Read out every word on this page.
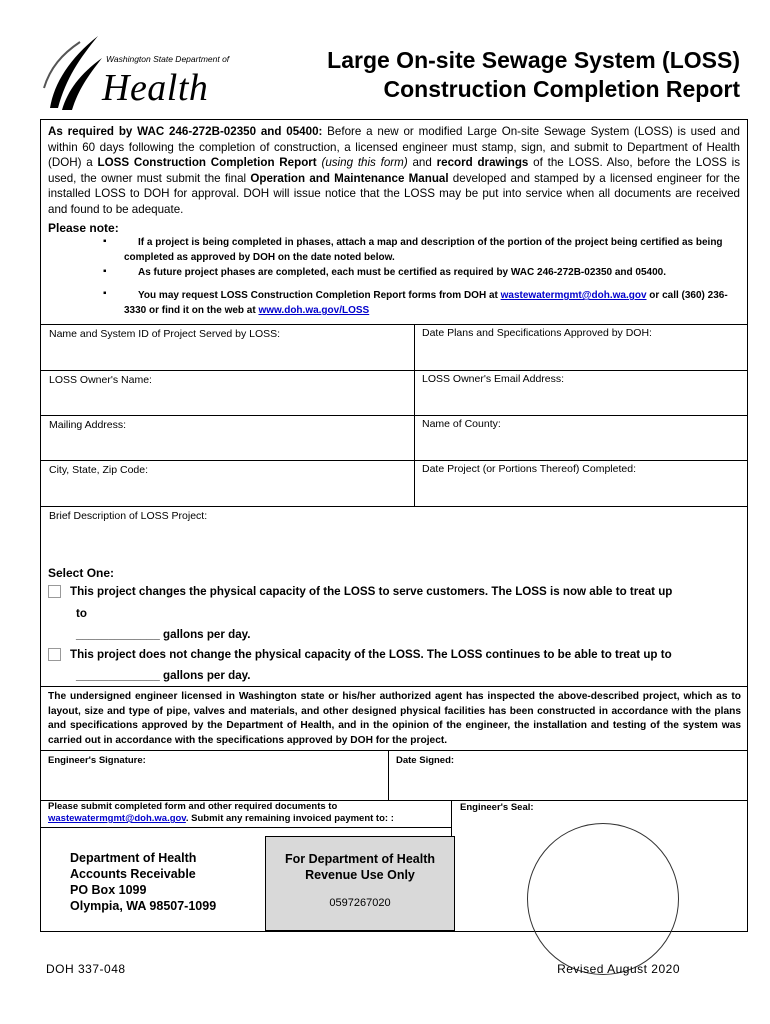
Washington State Department of
Health
Large On-site Sewage System (LOSS)
Construction Completion Report
As required by WAC 246-272B-02350 and 05400: Before a new or modified Large On-site Sewage System (LOSS) is used and within 60 days following the completion of construction, a licensed engineer must stamp, sign, and submit to Department of Health (DOH) a LOSS Construction Completion Report (using this form) and record drawings of the LOSS. Also, before the LOSS is used, the owner must submit the final Operation and Maintenance Manual developed and stamped by a licensed engineer for the installed LOSS to DOH for approval. DOH will issue notice that the LOSS may be put into service when all documents are received and found to be adequate.
Please note:
▪	If a project is being completed in phases, attach a map and description of the portion of the project being certified as being completed as approved by DOH on the date noted below.
▪	As future project phases are completed, each must be certified as required by WAC 246-272B-02350 and 05400.
▪	You may request LOSS Construction Completion Report forms from DOH at wastewatermgmt@doh.wa.gov or call (360) 236-3330 or find it on the web at www.doh.wa.gov/LOSS
Name and System ID of Project Served by LOSS:	Date Plans and Specifications Approved by DOH:
LOSS Owner's Name:	LOSS Owner's Email Address:
Mailing Address:	Name of County:
City, State, Zip Code:	Date Project (or Portions Thereof) Completed:
Brief Description of LOSS Project:
Select One:
This project changes the physical capacity of the LOSS to serve customers. The LOSS is now able to treat up
to
_____________ gallons per day.
This project does not change the physical capacity of the LOSS. The LOSS continues to be able to treat up to
_____________ gallons per day.
The undersigned engineer licensed in Washington state or his/her authorized agent has inspected the above-described project, which as to layout, size and type of pipe, valves and materials, and other designed physical facilities has been constructed in accordance with the plans and specifications approved by the Department of Health, and in the opinion of the engineer, the installation and testing of the system was carried out in accordance with the specifications approved by DOH for the project.
Engineer's Signature:	Date Signed:
Please submit completed form and other required documents to
wastewatermgmt@doh.wa.gov. Submit any remaining invoiced payment to: :
Engineer's Seal:
Department of Health
Accounts Receivable
PO Box 1099
Olympia, WA 98507-1099
For Department of Health
Revenue Use Only
0597267020
DOH 337-048	Revised August 2020
